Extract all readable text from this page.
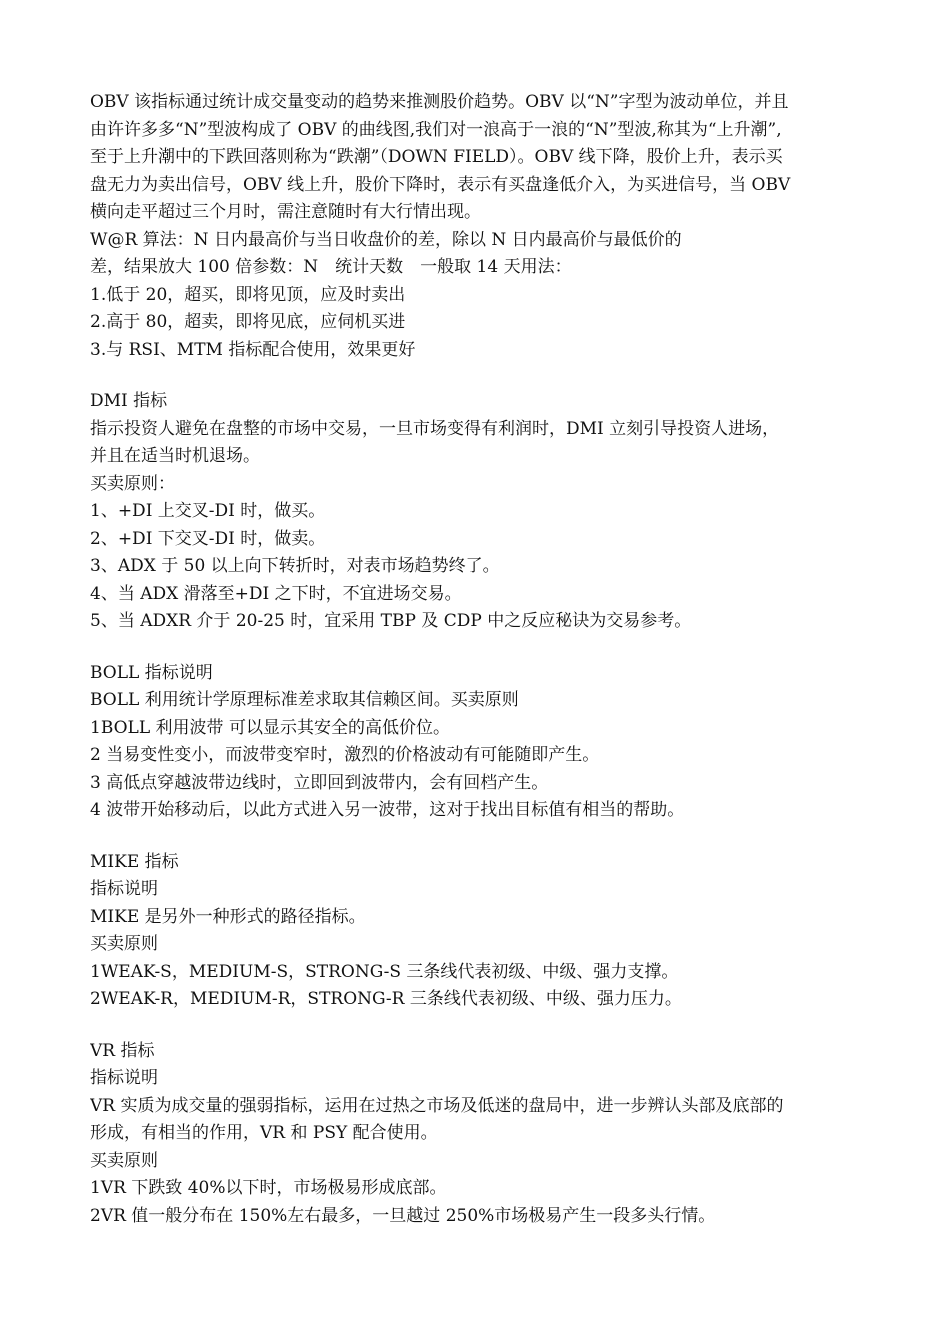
OBV 该指标通过统计成交量变动的趋势来推测股价趋势。OBV 以“N”字型为波动单位，并且
由许许多多“N”型波构成了 OBV 的曲线图,我们对一浪高于一浪的“N”型波,称其为“上升潮”,
至于上升潮中的下跌回落则称为“跌潮”（DOWN FIELD）。OBV 线下降，股价上升，表示买
盘无力为卖出信号，OBV 线上升，股价下降时，表示有买盘逢低介入，为买进信号，当 OBV
横向走平超过三个月时，需注意随时有大行情出现。
W@R 算法：N 日内最高价与当日收盘价的差，除以 N 日内最高价与最低价的
差，结果放大 100 倍参数：N　统计天数　一般取 14 天用法：
1.低于 20，超买，即将见顶，应及时卖出
2.高于 80，超卖，即将见底，应伺机买进
3.与 RSI、MTM 指标配合使用，效果更好
DMI 指标
指示投资人避免在盘整的市场中交易，一旦市场变得有利润时，DMI 立刻引导投资人进场，
并且在适当时机退场。
买卖原则：
1、+DI 上交叉-DI 时，做买。
2、+DI 下交叉-DI 时，做卖。
3、ADX 于 50 以上向下转折时，对表市场趋势终了。
4、当 ADX 滑落至+DI 之下时，不宜进场交易。
5、当 ADXR 介于 20-25 时，宜采用 TBP 及 CDP 中之反应秘诀为交易参考。
BOLL 指标说明
BOLL 利用统计学原理标准差求取其信赖区间。买卖原则
1BOLL 利用波带 可以显示其安全的高低价位。
2 当易变性变小，而波带变窄时，激烈的价格波动有可能随即产生。
3 高低点穿越波带边线时，立即回到波带内，会有回档产生。
4 波带开始移动后，以此方式进入另一波带，这对于找出目标值有相当的帮助。
MIKE 指标
指标说明
MIKE 是另外一种形式的路径指标。
买卖原则
1WEAK-S，MEDIUM-S，STRONG-S 三条线代表初级、中级、强力支撑。
2WEAK-R，MEDIUM-R，STRONG-R 三条线代表初级、中级、强力压力。
VR 指标
指标说明
VR 实质为成交量的强弱指标，运用在过热之市场及低迷的盘局中，进一步辨认头部及底部的
形成，有相当的作用，VR 和 PSY 配合使用。
买卖原则
1VR 下跌致 40%以下时，市场极易形成底部。
2VR 值一般分布在 150%左右最多，一旦越过 250%市场极易产生一段多头行情。
